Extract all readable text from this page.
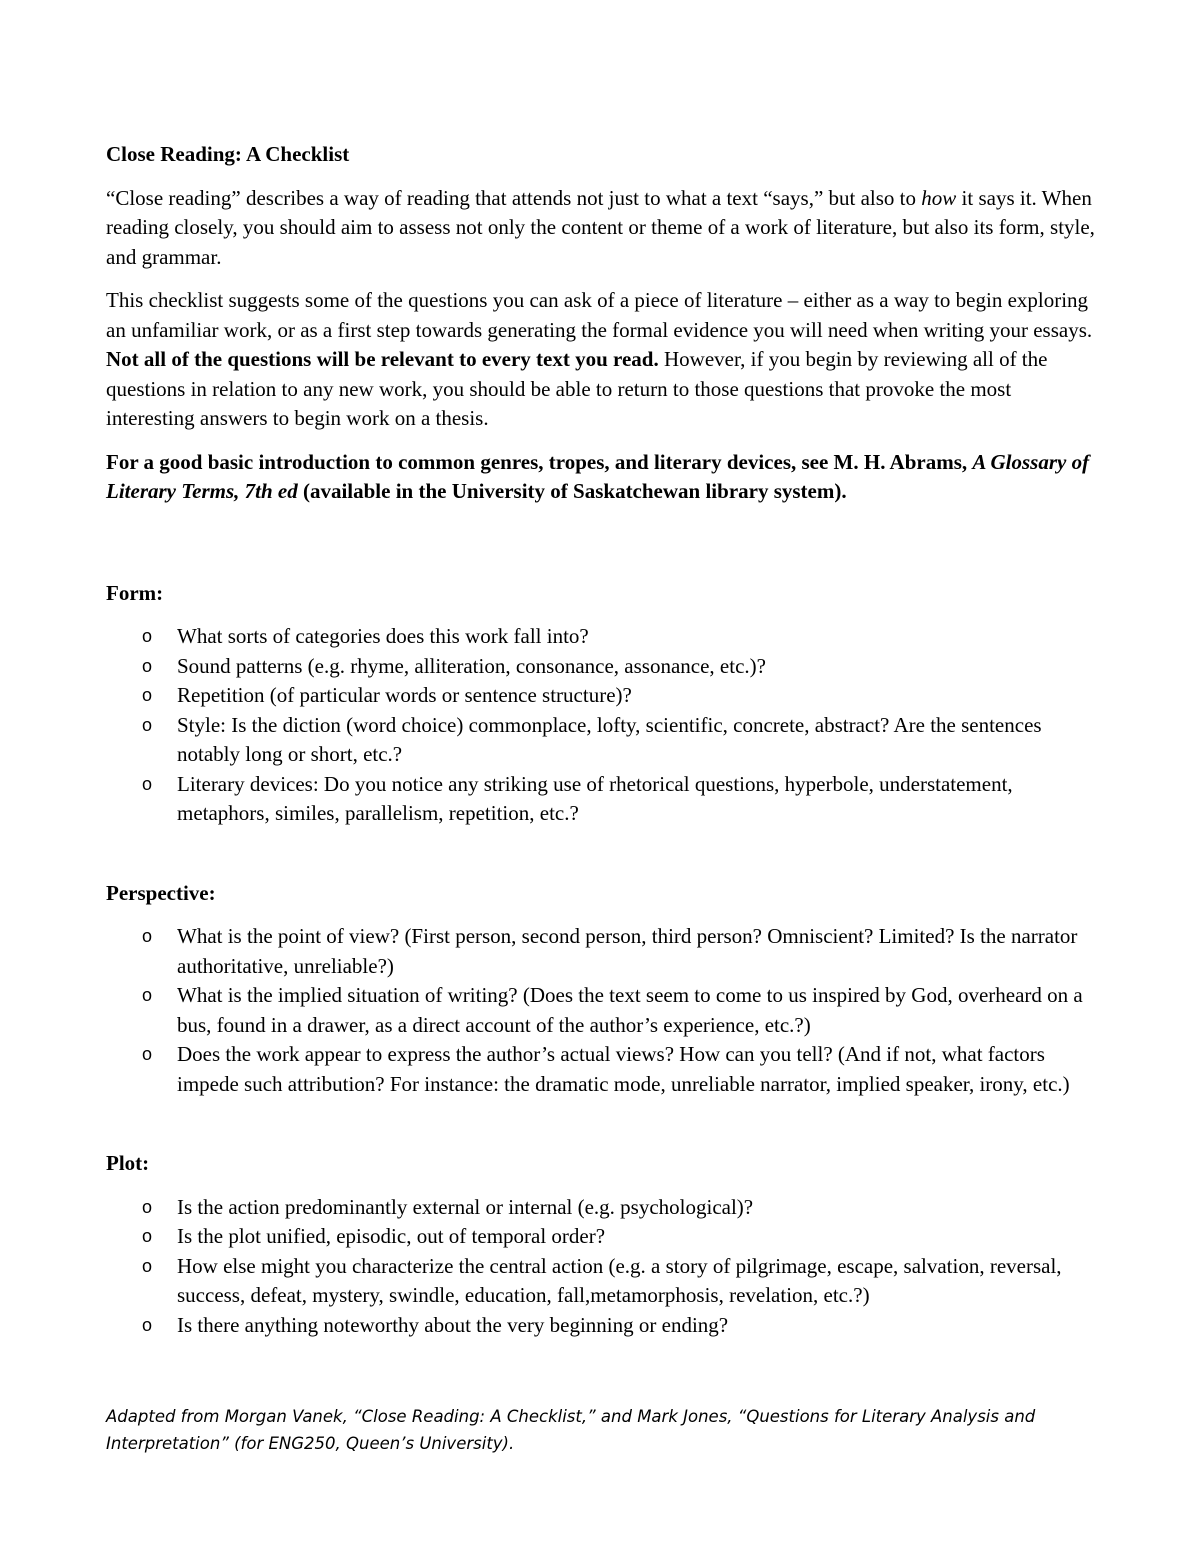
Close Reading: A Checklist

“Close reading” describes a way of reading that attends not just to what a text “says,” but also to how it says it. When reading closely, you should aim to assess not only the content or theme of a work of literature, but also its form, style, and grammar.

This checklist suggests some of the questions you can ask of a piece of literature – either as a way to begin exploring an unfamiliar work, or as a first step towards generating the formal evidence you will need when writing your essays. Not all of the questions will be relevant to every text you read. However, if you begin by reviewing all of the questions in relation to any new work, you should be able to return to those questions that provoke the most interesting answers to begin work on a thesis.

For a good basic introduction to common genres, tropes, and literary devices, see M. H. Abrams, A Glossary of Literary Terms, 7th ed (available in the University of Saskatchewan library system).

Form:
o What sorts of categories does this work fall into?
o Sound patterns (e.g. rhyme, alliteration, consonance, assonance, etc.)?
o Repetition (of particular words or sentence structure)?
o Style: Is the diction (word choice) commonplace, lofty, scientific, concrete, abstract? Are the sentences notably long or short, etc.?
o Literary devices: Do you notice any striking use of rhetorical questions, hyperbole, understatement, metaphors, similes, parallelism, repetition, etc.?
Perspective:
o What is the point of view? (First person, second person, third person? Omniscient? Limited? Is the narrator authoritative, unreliable?)
o What is the implied situation of writing? (Does the text seem to come to us inspired by God, overheard on a bus, found in a drawer, as a direct account of the author’s experience, etc.?)
o Does the work appear to express the author’s actual views? How can you tell? (And if not, what factors impede such attribution? For instance: the dramatic mode, unreliable narrator, implied speaker, irony, etc.)
Plot:
o Is the action predominantly external or internal (e.g. psychological)?
o Is the plot unified, episodic, out of temporal order?
o How else might you characterize the central action (e.g. a story of pilgrimage, escape, salvation, reversal, success, defeat, mystery, swindle, education, fall,metamorphosis, revelation, etc.?)
o Is there anything noteworthy about the very beginning or ending?
Adapted from Morgan Vanek, “Close Reading: A Checklist,” and Mark Jones, “Questions for Literary Analysis and Interpretation” (for ENG250, Queen’s University).
